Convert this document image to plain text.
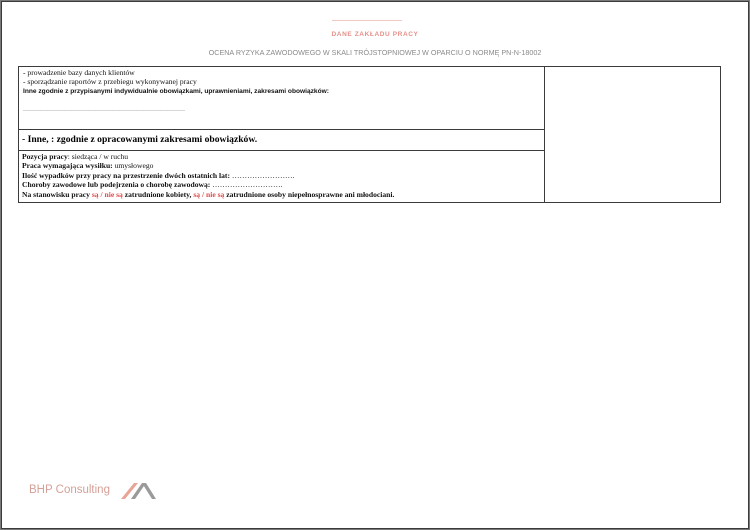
——————————
DANE ZAKŁADU PRACY
OCENA RYZYKA ZAWODOWEGO W SKALI TRÓJSTOPNIOWEJ W OPARCIU O NORMĘ PN-N-18002
- prowadzenie bazy danych klientów
- sporządzanie raportów z przebiegu wykonywanej pracy
Inne zgodnie z przypisanymi indywidualnie obowiązkami, uprawnieniami, zakresami obowiązków:
………………………………………………………………………

- Inne, : zgodnie z opracowanymi zakresami obowiązków.

Pozycja pracy: siedząca / w ruchu
Praca wymagająca wysiłku: umysłowego
Ilość wypadków przy pracy na przestrzenie dwóch ostatnich lat: …………………….
Choroby zawodowe lub podejrzenia o chorobę zawodową: ……………………….
Na stanowisku pracy są / nie są zatrudnione kobiety, są / nie są zatrudnione osoby niepełnosprawne ani młodociani.
BHP Consulting
